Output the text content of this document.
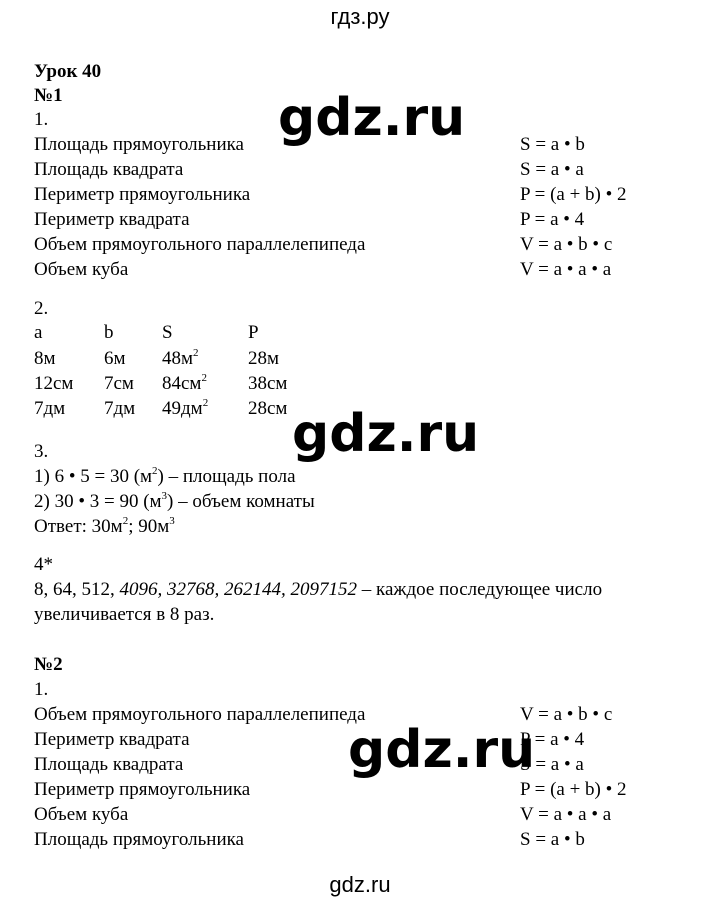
гдз.ру
gdz.ru
Урок 40
№1
1.
Площадь прямоугольника	S = a • b
Площадь квадрата	S = a • a
Периметр прямоугольника	P = (a + b) • 2
Периметр квадрата	P = a • 4
Объем прямоугольного параллелепипеда	V = a • b • c
Объем куба	V = a • a • a
2.
a	b	S	P
8м	6м $48м^2$	28м
12см 7см $84см^2$ 38см
7дм 7дм $49дм^2$ 28см
3.
1) 6 • 5 = 30 $(м^2)$ – площадь пола
2) 30 • 3 = 90 $(м^3)$ – объем комнаты
Ответ: $30м^2$; $90м^3$
4*
8, 64, 512, 4096, 32768, 262144, 2097152 – каждое последующее число
увеличивается в 8 раз.
№2
1.
Объем прямоугольного параллелепипеда	V = a • b • c
Периметр квадрата	P = a • 4
Площадь квадрата	S = a • a
Периметр прямоугольника	P = (a + b) • 2
Объем куба	V = a • a • a
Площадь прямоугольника	S = a • b
gdz.ru
gdz.ru
gdz.ru
